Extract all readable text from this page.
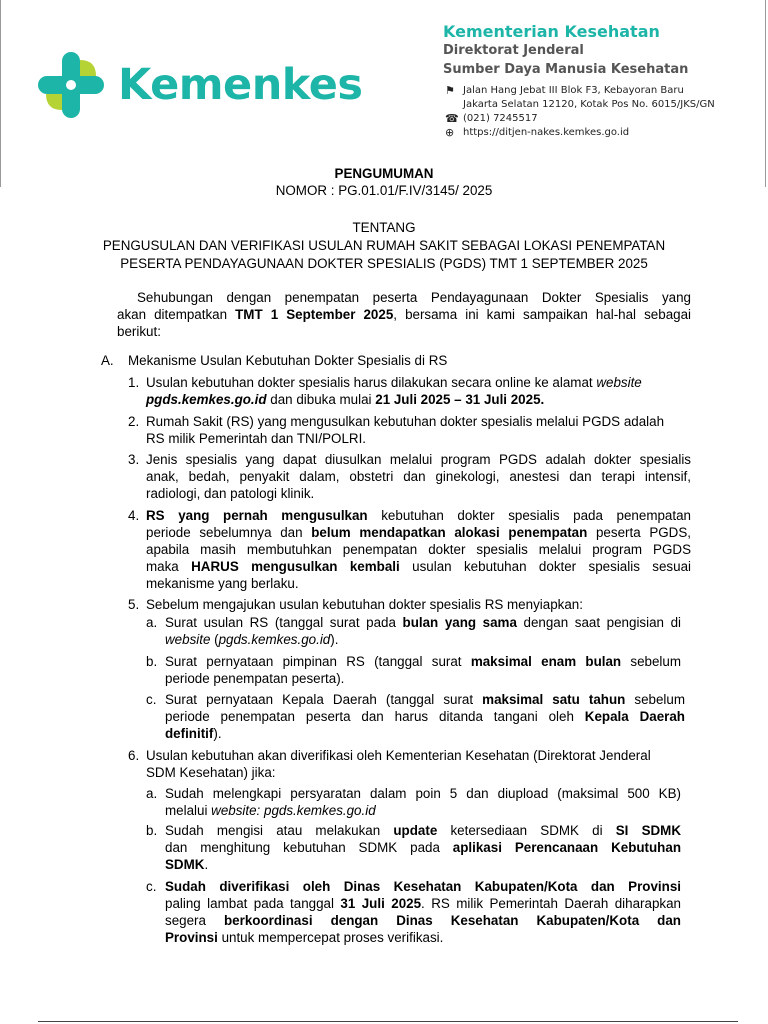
Kemenkes
Kementerian Kesehatan
Direktorat Jenderal
Sumber Daya Manusia Kesehatan
⚑ Jalan Hang Jebat III Blok F3, Kebayoran Baru
Jakarta Selatan 12120, Kotak Pos No. 6015/JKS/GN
☎ (021) 7245517
⊕ https://ditjen-nakes.kemkes.go.id
PENGUMUMAN
NOMOR : PG.01.01/F.IV/3145/ 2025
TENTANG
PENGUSULAN DAN VERIFIKASI USULAN RUMAH SAKIT SEBAGAI LOKASI PENEMPATAN
PESERTA PENDAYAGUNAAN DOKTER SPESIALIS (PGDS) TMT 1 SEPTEMBER 2025
Sehubungan dengan penempatan peserta Pendayagunaan Dokter Spesialis yang
akan ditempatkan TMT 1 September 2025, bersama ini kami sampaikan hal-hal sebagai
berikut:
A. Mekanisme Usulan Kebutuhan Dokter Spesialis di RS
1. Usulan kebutuhan dokter spesialis harus dilakukan secara online ke alamat website
pgds.kemkes.go.id dan dibuka mulai 21 Juli 2025 – 31 Juli 2025.
2. Rumah Sakit (RS) yang mengusulkan kebutuhan dokter spesialis melalui PGDS adalah
RS milik Pemerintah dan TNI/POLRI.
3. Jenis spesialis yang dapat diusulkan melalui program PGDS adalah dokter spesialis
anak, bedah, penyakit dalam, obstetri dan ginekologi, anestesi dan terapi intensif,
radiologi, dan patologi klinik.
4. RS yang pernah mengusulkan kebutuhan dokter spesialis pada penempatan
periode sebelumnya dan belum mendapatkan alokasi penempatan peserta PGDS,
apabila masih membutuhkan penempatan dokter spesialis melalui program PGDS
maka HARUS mengusulkan kembali usulan kebutuhan dokter spesialis sesuai
mekanisme yang berlaku.
5. Sebelum mengajukan usulan kebutuhan dokter spesialis RS menyiapkan:
a. Surat usulan RS (tanggal surat pada bulan yang sama dengan saat pengisian di
website (pgds.kemkes.go.id).
b. Surat pernyataan pimpinan RS (tanggal surat maksimal enam bulan sebelum
periode penempatan peserta).
c. Surat pernyataan Kepala Daerah (tanggal surat maksimal satu tahun sebelum
periode penempatan peserta dan harus ditanda tangani oleh Kepala Daerah
definitif).
6. Usulan kebutuhan akan diverifikasi oleh Kementerian Kesehatan (Direktorat Jenderal
SDM Kesehatan) jika:
a. Sudah melengkapi persyaratan dalam poin 5 dan diupload (maksimal 500 KB)
melalui website: pgds.kemkes.go.id
b. Sudah mengisi atau melakukan update ketersediaan SDMK di SI SDMK
dan menghitung kebutuhan SDMK pada aplikasi Perencanaan Kebutuhan
SDMK.
c. Sudah diverifikasi oleh Dinas Kesehatan Kabupaten/Kota dan Provinsi
paling lambat pada tanggal 31 Juli 2025. RS milik Pemerintah Daerah diharapkan
segera berkoordinasi dengan Dinas Kesehatan Kabupaten/Kota dan
Provinsi untuk mempercepat proses verifikasi.
